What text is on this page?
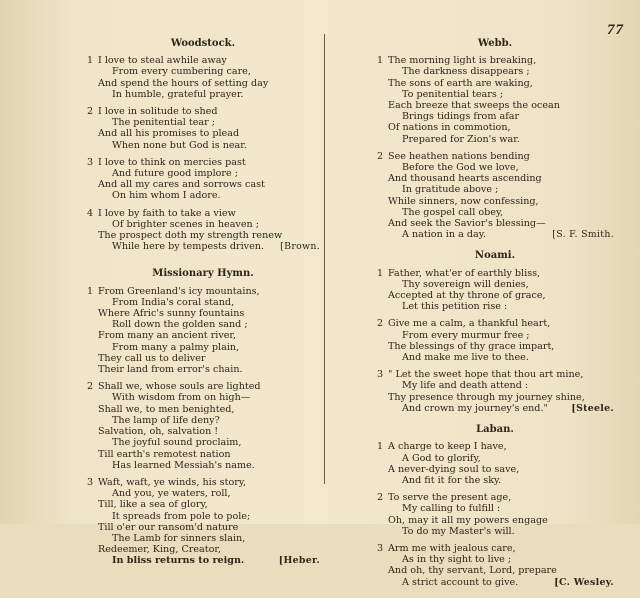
77
Woodstock.
1 I love to steal awhile away
From every cumbering care,
And spend the hours of setting day
In humble, grateful prayer.
2 I love in solitude to shed
The penitential tear ;
And all his promises to plead
When none but God is near.
3 I love to think on mercies past
And future good implore ;
And all my cares and sorrows cast
On him whom I adore.
4 I love by faith to take a view
Of brighter scenes in heaven ;
The prospect doth my strength renew
While here by tempests driven.	[Brown.
Missionary Hymn.
1 From Greenland's icy mountains,
From India's coral stand,
Where Afric's sunny fountains
Roll down the golden sand ;
From many an ancient river,
From many a palmy plain,
They call us to deliver
Their land from error's chain.
2 Shall we, whose souls are lighted
With wisdom from on high—
Shall we, to men benighted,
The lamp of life deny?
Salvation, oh, salvation !
The joyful sound proclaim,
Till earth's remotest nation
Has learned Messiah's name.
3 Waft, waft, ye winds, his story,
And you, ye waters, roll,
Till, like a sea of glory,
It spreads from pole to pole;
Till o'er our ransom'd nature
The Lamb for sinners slain,
Redeemer, King, Creator,
In bliss returns to reign.	[Heber.
Webb.
1 The morning light is breaking,
The darkness disappears ;
The sons of earth are waking,
To penitential tears ;
Each breeze that sweeps the ocean
Brings tidings from afar
Of nations in commotion,
Prepared for Zion's war.
2 See heathen nations bending
Before the God we love,
And thousand hearts ascending
In gratitude above ;
While sinners, now confessing,
The gospel call obey,
And seek the Savior's blessing—
A nation in a day.	[S. F. Smith.
Noami.
1 Father, what'er of earthly bliss,
Thy sovereign will denies,
Accepted at thy throne of grace,
Let this petition rise :
2 Give me a calm, a thankful heart,
From every murmur free ;
The blessings of thy grace impart,
And make me live to thee.
3 " Let the sweet hope that thou art mine,
My life and death attend :
Thy presence through my journey shine,
And crown my journey's end."	[Steele.
Laban.
1 A charge to keep I have,
A God to glorify,
A never-dying soul to save,
And fit it for the sky.
2 To serve the present age,
My calling to fulfill :
Oh, may it all my powers engage
To do my Master's will.
3 Arm me with jealous care,
As in thy sight to live ;
And oh, thy servant, Lord, prepare
A strict account to give.	[C. Wesley.
